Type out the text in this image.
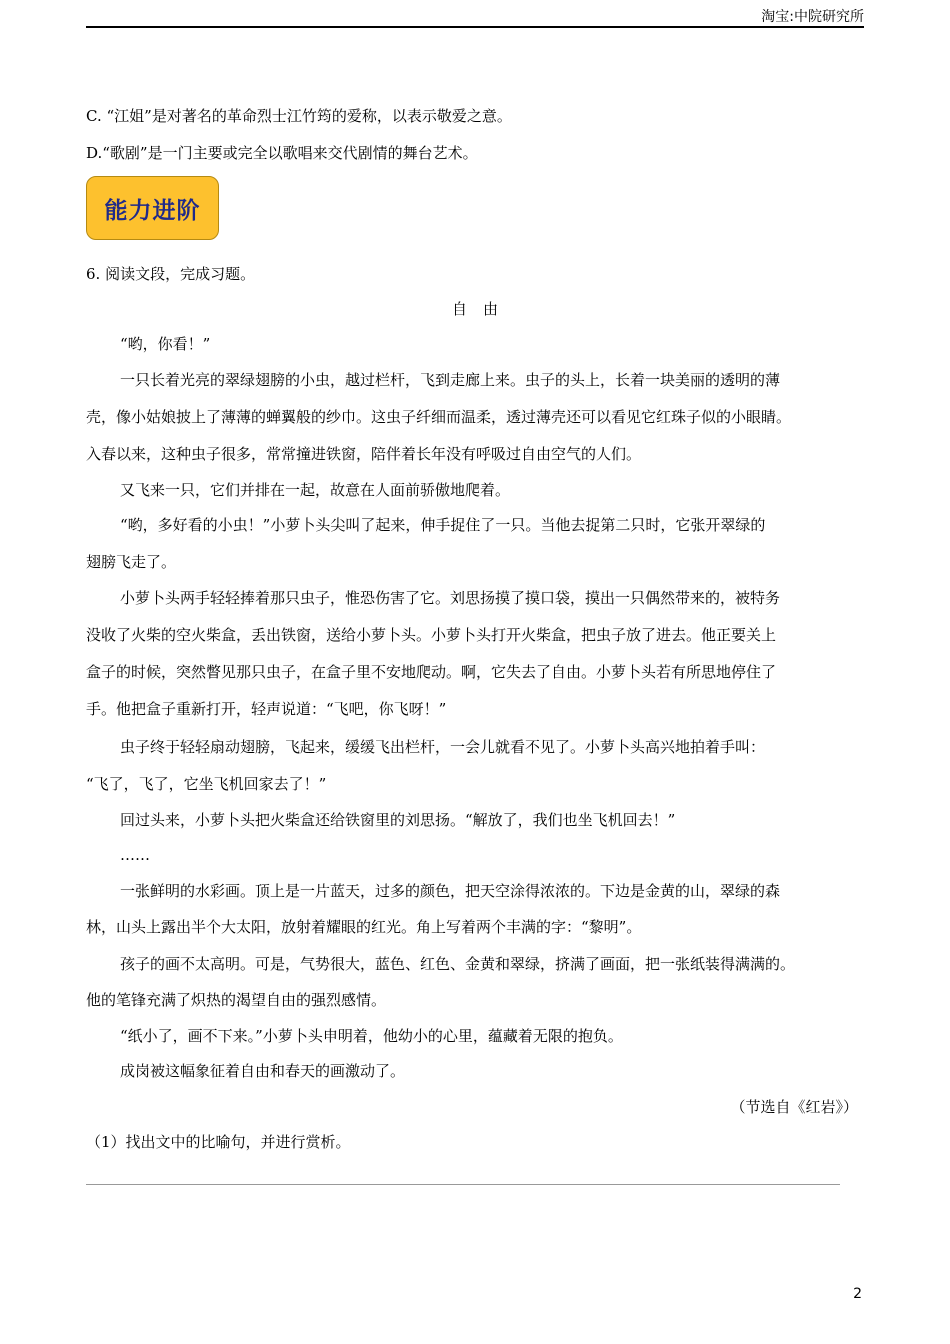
淘宝:中院研究所
C. “江姐”是对著名的革命烈士江竹筠的爱称，以表示敬爱之意。
D.“歌剧”是一门主要或完全以歌唱来交代剧情的舞台艺术。
能力进阶
6. 阅读文段，完成习题。
自由
“哟，你看！”
一只长着光亮的翠绿翅膀的小虫，越过栏杆，飞到走廊上来。虫子的头上，长着一块美丽的透明的薄
壳，像小姑娘披上了薄薄的蝉翼般的纱巾。这虫子纤细而温柔，透过薄壳还可以看见它红珠子似的小眼睛。
入春以来，这种虫子很多，常常撞进铁窗，陪伴着长年没有呼吸过自由空气的人们。
又飞来一只，它们并排在一起，故意在人面前骄傲地爬着。
“哟，多好看的小虫！”小萝卜头尖叫了起来，伸手捉住了一只。当他去捉第二只时，它张开翠绿的
翅膀飞走了。
小萝卜头两手轻轻捧着那只虫子，惟恐伤害了它。刘思扬摸了摸口袋，摸出一只偶然带来的，被特务
没收了火柴的空火柴盒，丢出铁窗，送给小萝卜头。小萝卜头打开火柴盒，把虫子放了进去。他正要关上
盒子的时候，突然瞥见那只虫子，在盒子里不安地爬动。啊，它失去了自由。小萝卜头若有所思地停住了
手。他把盒子重新打开，轻声说道：“飞吧，你飞呀！”
虫子终于轻轻扇动翅膀，飞起来，缓缓飞出栏杆，一会儿就看不见了。小萝卜头高兴地拍着手叫：
“飞了，飞了，它坐飞机回家去了！”
回过头来，小萝卜头把火柴盒还给铁窗里的刘思扬。“解放了，我们也坐飞机回去！”
……
一张鲜明的水彩画。顶上是一片蓝天，过多的颜色，把天空涂得浓浓的。下边是金黄的山，翠绿的森
林，山头上露出半个大太阳，放射着耀眼的红光。角上写着两个丰满的字：“黎明”。
孩子的画不太高明。可是，气势很大，蓝色、红色、金黄和翠绿，挤满了画面，把一张纸装得满满的。
他的笔锋充满了炽热的渴望自由的强烈感情。
“纸小了，画不下来。”小萝卜头申明着，他幼小的心里，蕴藏着无限的抱负。
成岗被这幅象征着自由和春天的画激动了。
（节选自《红岩》）
（1）找出文中的比喻句，并进行赏析。
2
